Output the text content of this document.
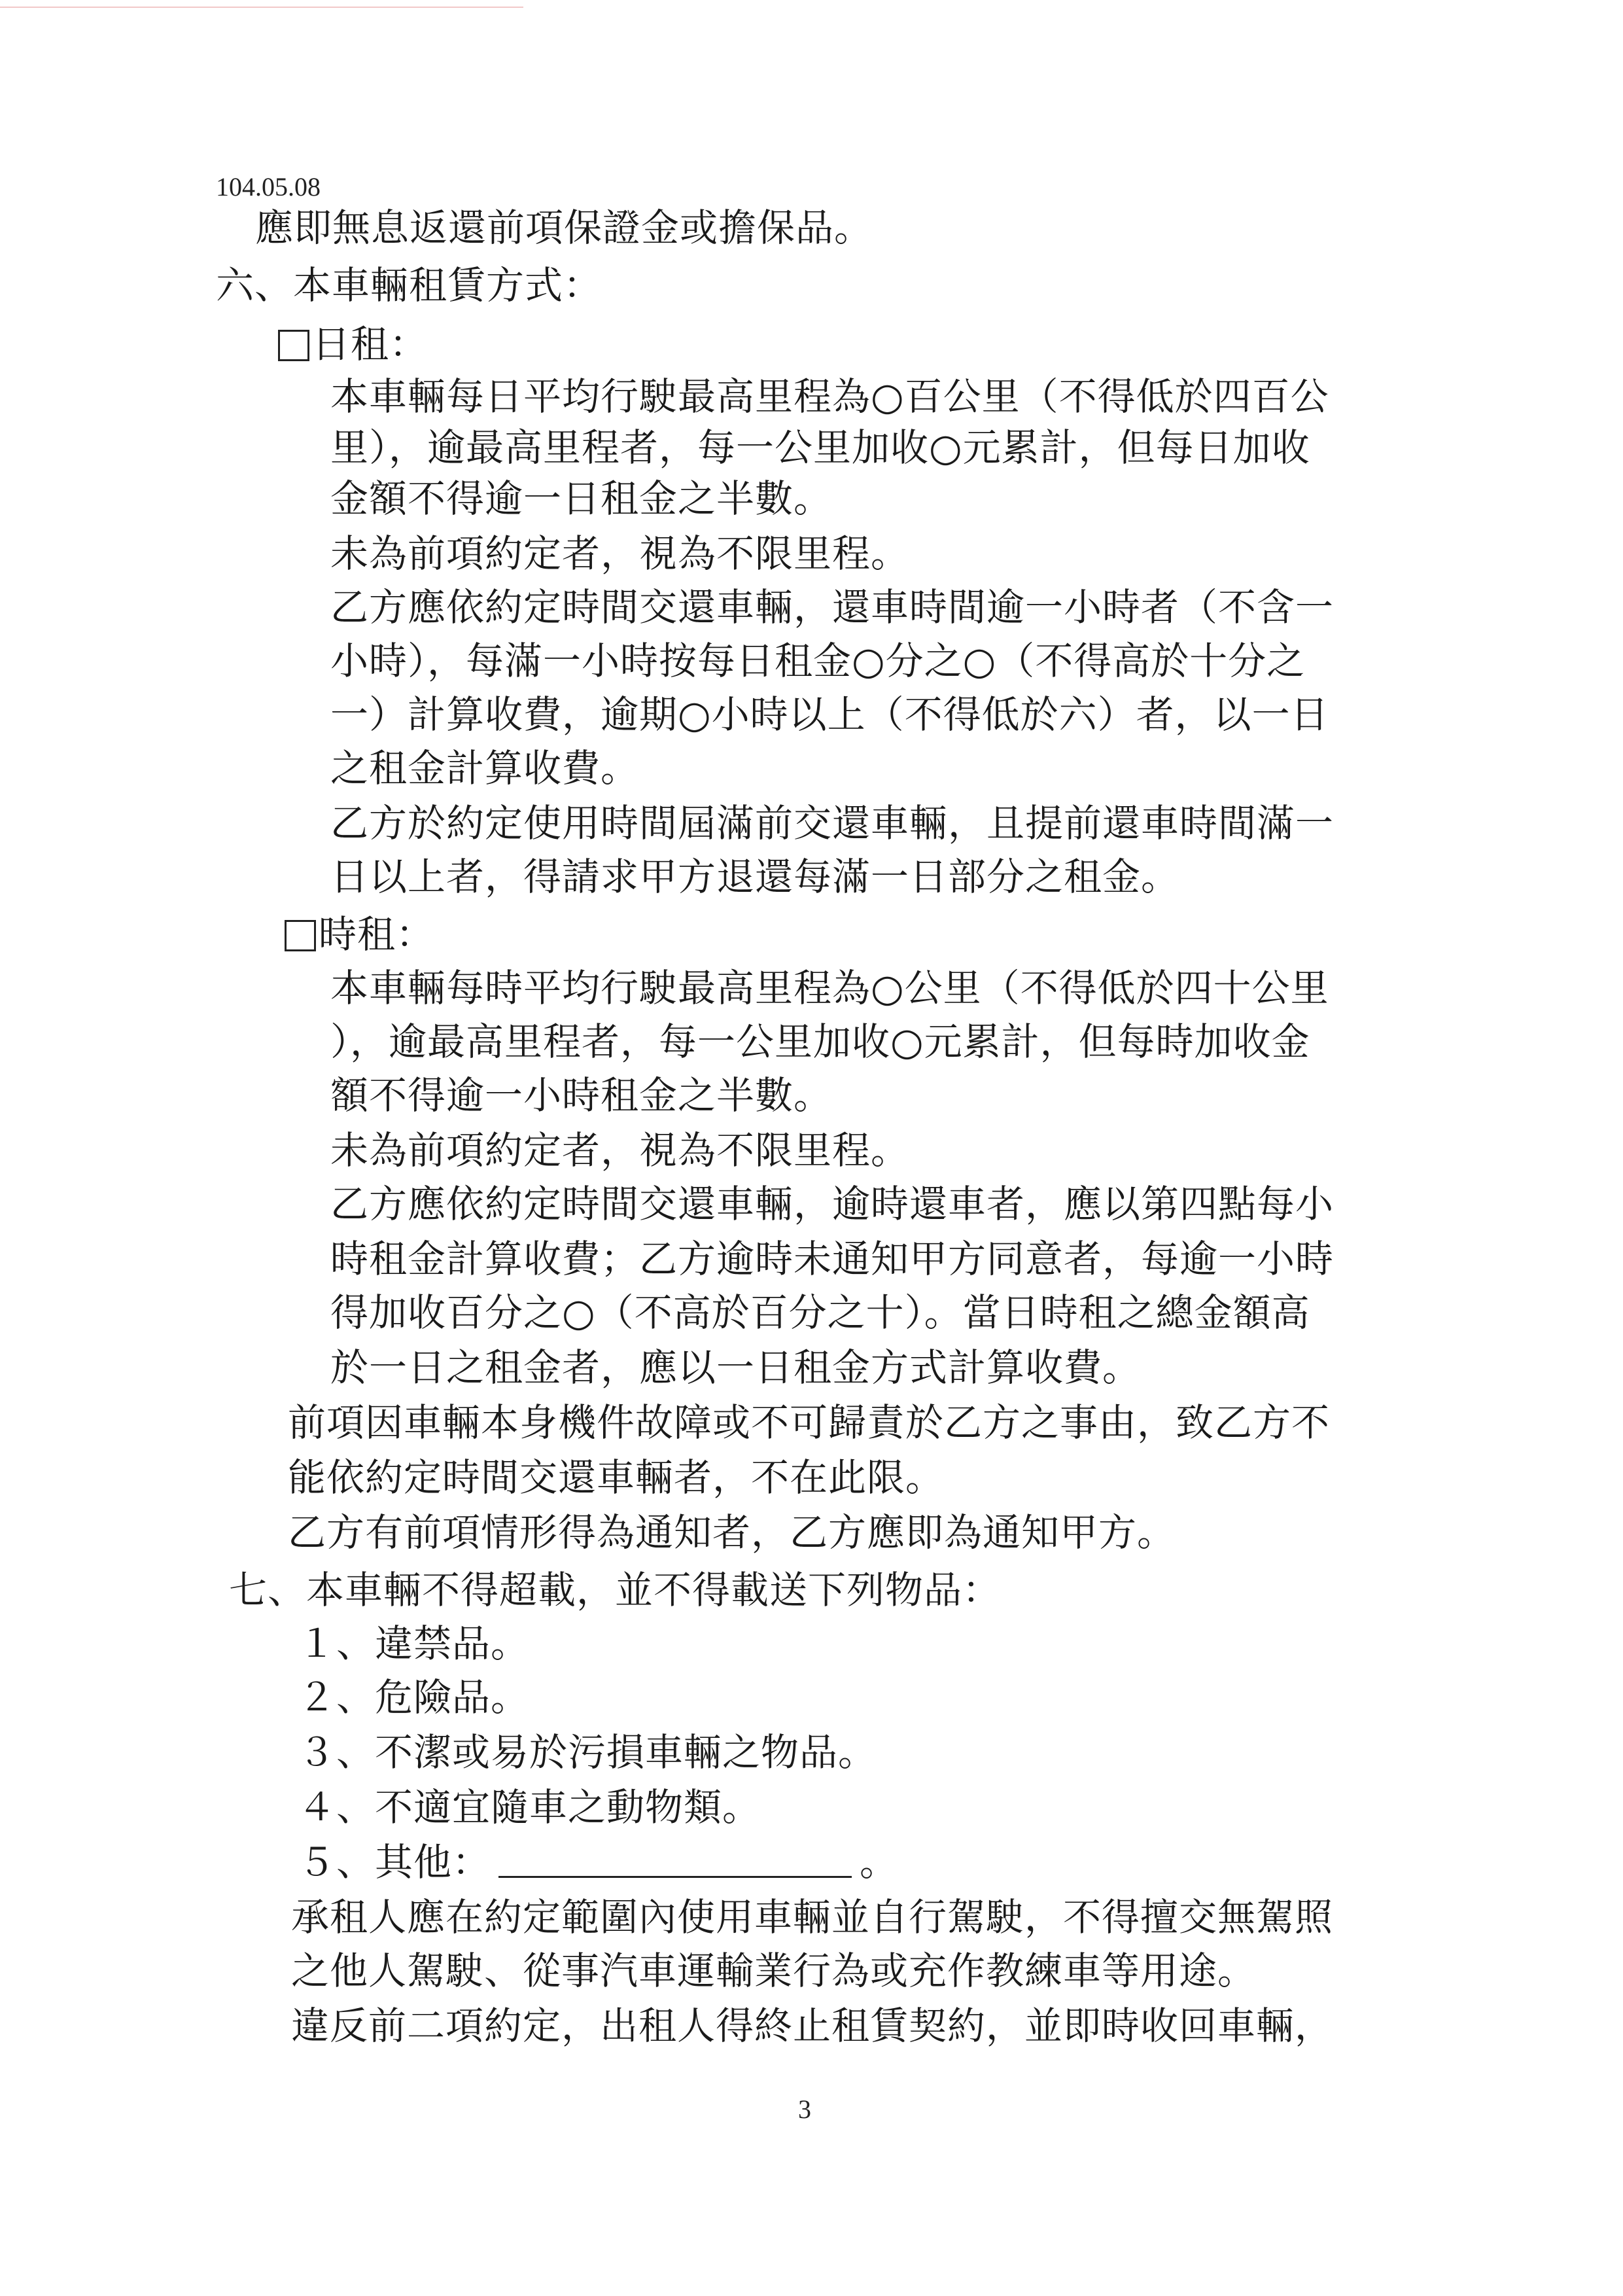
104.05.08
應即無息返還前項保證金或擔保品。
六、本車輛租賃方式：
日租：
本車輛每日平均行駛最高里程為○百公里（不得低於四百公
里），逾最高里程者，每一公里加收○元累計，但每日加收
金額不得逾一日租金之半數。
未為前項約定者，視為不限里程。
乙方應依約定時間交還車輛，還車時間逾一小時者（不含一
小時），每滿一小時按每日租金○分之○（不得高於十分之
一）計算收費，逾期○小時以上（不得低於六）者，以一日
之租金計算收費。
乙方於約定使用時間屆滿前交還車輛，且提前還車時間滿一
日以上者，得請求甲方退還每滿一日部分之租金。
時租：
本車輛每時平均行駛最高里程為○公里（不得低於四十公里
），逾最高里程者，每一公里加收○元累計，但每時加收金
額不得逾一小時租金之半數。
未為前項約定者，視為不限里程。
乙方應依約定時間交還車輛，逾時還車者，應以第四點每小
時租金計算收費；乙方逾時未通知甲方同意者，每逾一小時
得加收百分之○（不高於百分之十）。當日時租之總金額高
於一日之租金者，應以一日租金方式計算收費。
前項因車輛本身機件故障或不可歸責於乙方之事由，致乙方不
能依約定時間交還車輛者，不在此限。
乙方有前項情形得為通知者，乙方應即為通知甲方。
七、本車輛不得超載，並不得載送下列物品：
１、違禁品。
２、危險品。
３、不潔或易於污損車輛之物品。
４、不適宜隨車之動物類。
５、其他：	。
承租人應在約定範圍內使用車輛並自行駕駛，不得擅交無駕照
之他人駕駛、從事汽車運輸業行為或充作教練車等用途。
違反前二項約定，出租人得終止租賃契約，並即時收回車輛，
3
